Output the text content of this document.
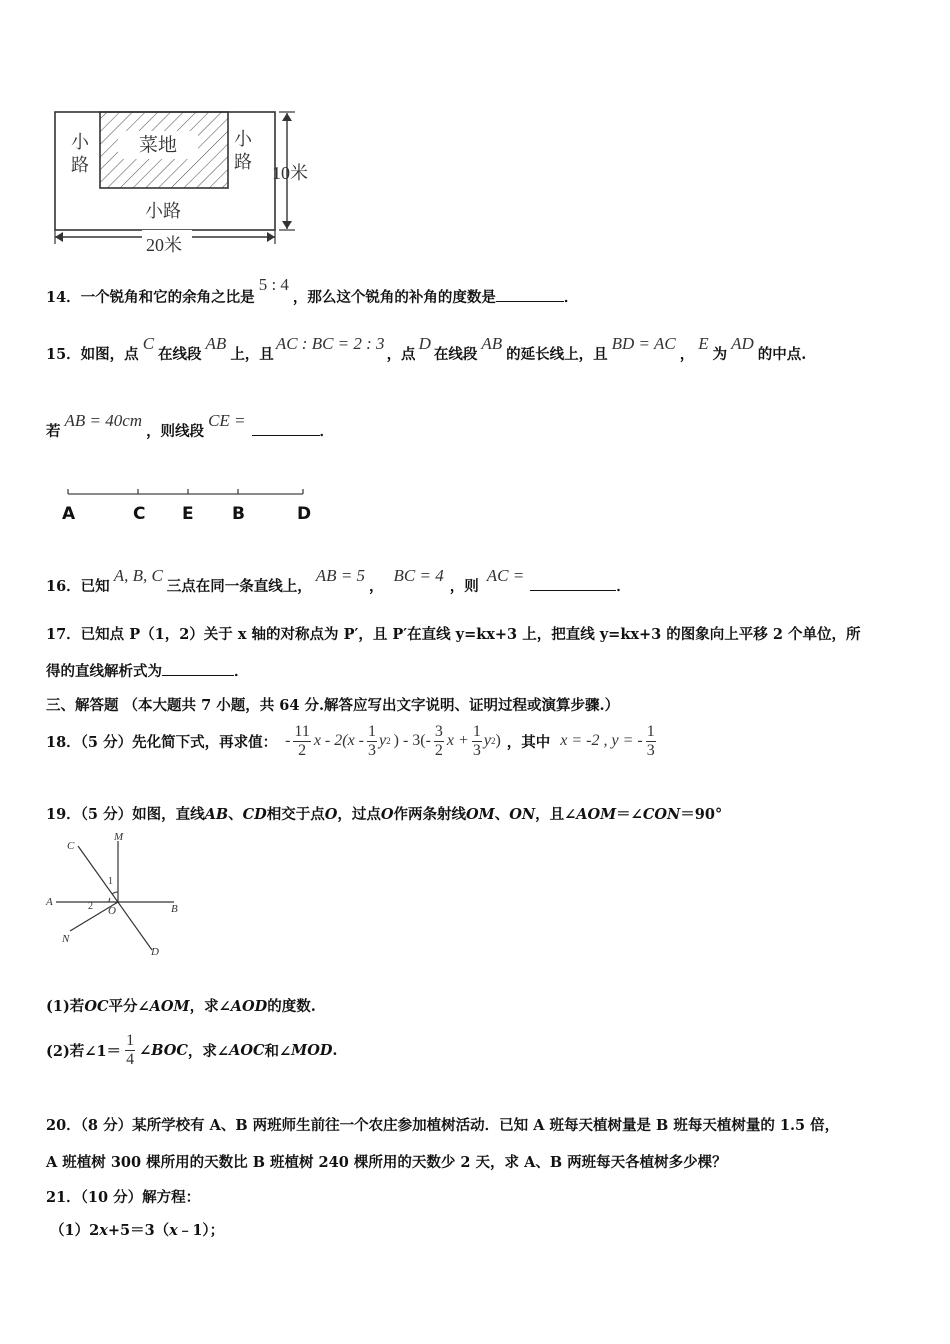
菜地
小
路
小
路
小路
10米
20米
14．一个锐角和它的余角之比是5 : 4，那么这个锐角的补角的度数是	．
15．如图，点C在线段AB上，且AC : BC = 2 : 3，点D在线段AB的延长线上，且BD = AC，E为AD的中点.
若AB = 40cm，则线段CE =．
A	C E B	D
16．已知A, B, C三点在同一条直线上，AB = 5，BC = 4，则AC =．
17．已知点 P（1，2）关于 x 轴的对称点为 P′，且 P′在直线 y=kx+3 上，把直线 y=kx+3 的图象向上平移 2 个单位，所
得的直线解析式为	．
三、解答题 （本大题共 7 小题，共 64 分.解答应写出文字说明、证明过程或演算步骤.）
18．（5 分）先化简下式，再求值： - $\frac{11}{2}$ x - $2(x - \frac{1}{3}$ y 2 ) - $3(- \frac{3}{2}$ $x + \frac{1}{3}$ y 2 ) ，其中 x = -2 , y = - $\frac{1}{3}$
19．（5 分）如图，直线AB、CD相交于点O，过点O作两条射线OM、ON，且∠AOM＝∠CON＝90°
C
M
A
B
O
N
D
1
2
(1)若OC平分∠AOM，求∠AOD的度数.
(2)若∠1＝ $\frac{1}{4}$ ∠ BOC ，求∠ AOC 和∠ MOD .
20．（8 分）某所学校有 A、B 两班师生前往一个农庄参加植树活动．已知 A 班每天植树量是 B 班每天植树量的 1.5 倍，
A 班植树 300 棵所用的天数比 B 班植树 240 棵所用的天数少 2 天，求 A、B 两班每天各植树多少棵？
21．（10 分）解方程：
（1）2x+5＝3（x﹣1）；
